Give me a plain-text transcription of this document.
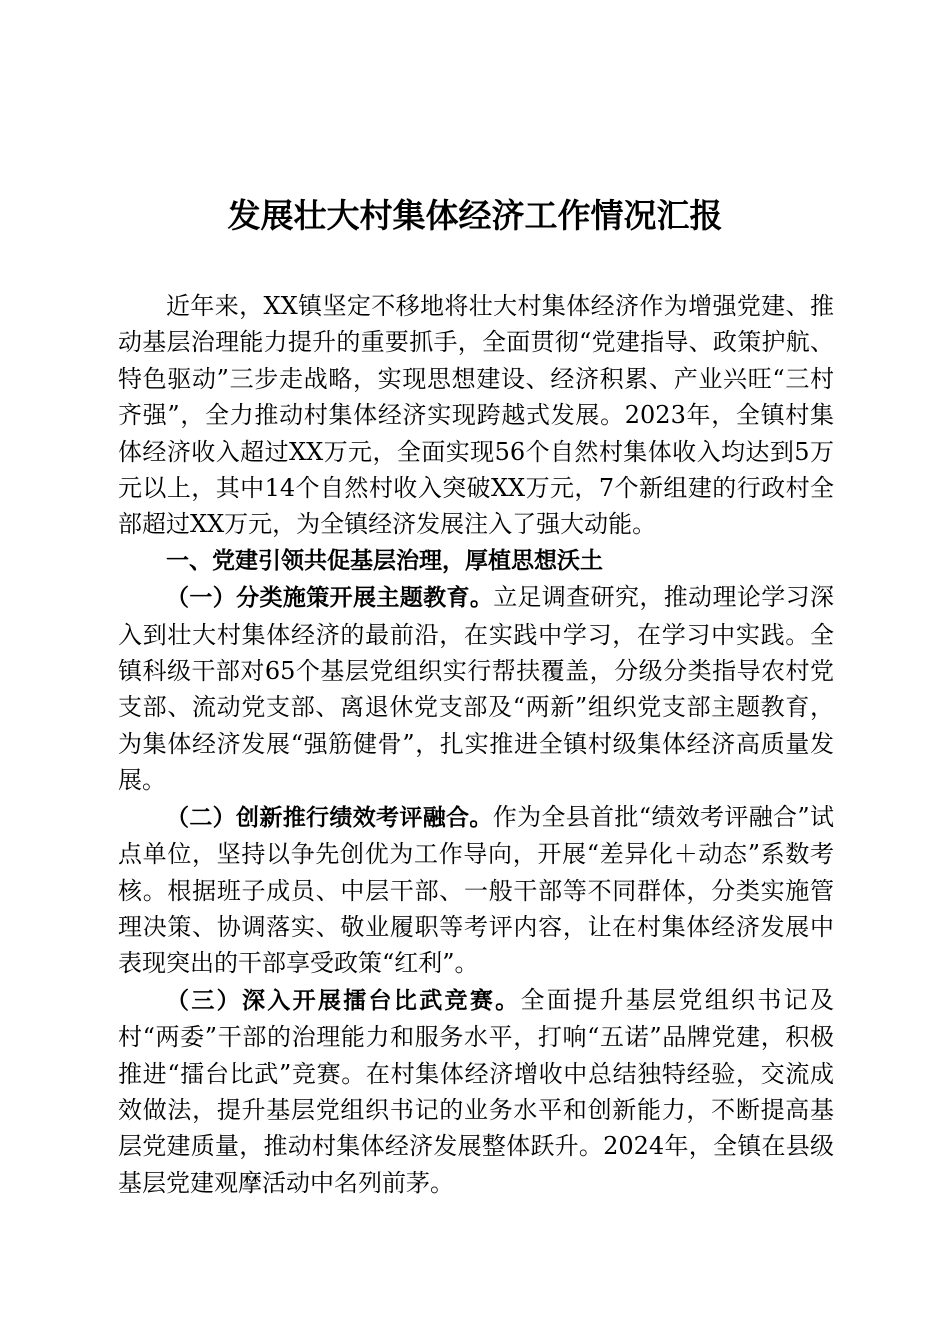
发展壮大村集体经济工作情况汇报

近年来，XX镇坚定不移地将壮大村集体经济作为增强党建、推动基层治理能力提升的重要抓手，全面贯彻“党建指导、政策护航、特色驱动”三步走战略，实现思想建设、经济积累、产业兴旺“三村齐强”，全力推动村集体经济实现跨越式发展。2023年，全镇村集体经济收入超过XX万元，全面实现56个自然村集体收入均达到5万元以上，其中14个自然村收入突破XX万元，7个新组建的行政村全部超过XX万元，为全镇经济发展注入了强大动能。

一、党建引领共促基层治理，厚植思想沃土

（一）分类施策开展主题教育。立足调查研究，推动理论学习深入到壮大村集体经济的最前沿，在实践中学习，在学习中实践。全镇科级干部对65个基层党组织实行帮扶覆盖，分级分类指导农村党支部、流动党支部、离退休党支部及“两新”组织党支部主题教育，为集体经济发展“强筋健骨”，扎实推进全镇村级集体经济高质量发展。

（二）创新推行绩效考评融合。作为全县首批“绩效考评融合”试点单位，坚持以争先创优为工作导向，开展“差异化＋动态”系数考核。根据班子成员、中层干部、一般干部等不同群体，分类实施管理决策、协调落实、敬业履职等考评内容，让在村集体经济发展中表现突出的干部享受政策“红利”。

（三）深入开展擂台比武竞赛。全面提升基层党组织书记及村“两委”干部的治理能力和服务水平，打响“五诺”品牌党建，积极推进“擂台比武”竞赛。在村集体经济增收中总结独特经验，交流成效做法，提升基层党组织书记的业务水平和创新能力，不断提高基层党建质量，推动村集体经济发展整体跃升。2024年，全镇在县级基层党建观摩活动中名列前茅。
